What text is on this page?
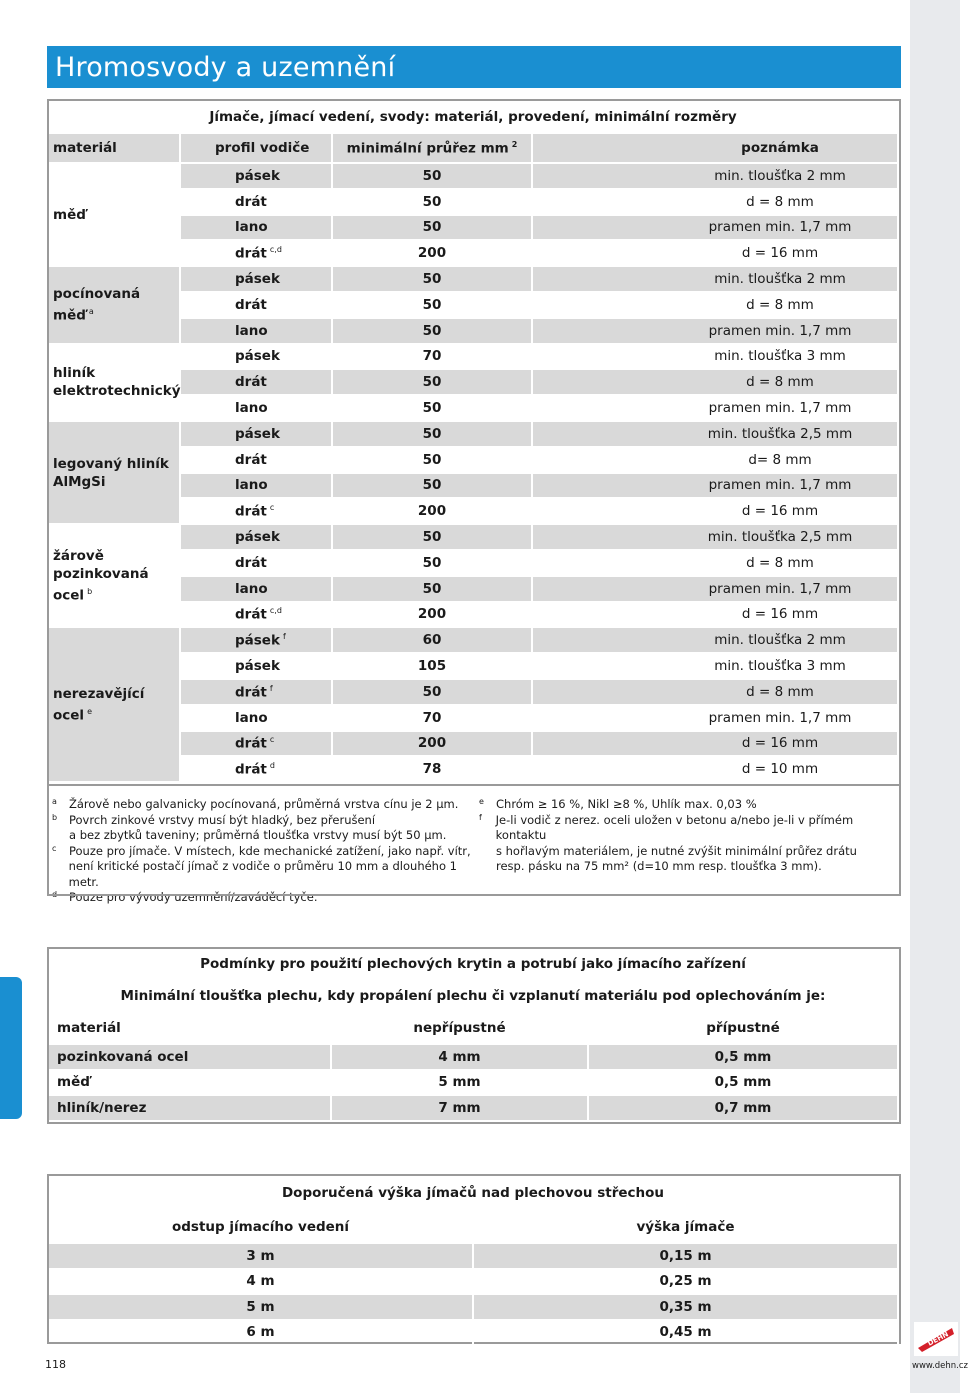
Hromosvody a uzemnění
Jímače, jímací vedení, svody: materiál, provedení, minimální rozměry			
materiál	profil vodiče	minimální průřez mm $^2$	poznámka
měď	pásek	50	min. tloušťka 2 mm
	drát	50	d = 8 mm
	lano	50	pramen min. 1,7 mm
	drát $^{c,d}$	200	d = 16 mm
pocínovaná měď $^a$	pásek	50	min. tloušťka 2 mm
	drát	50	d = 8 mm
	lano	50	pramen min. 1,7 mm
hliník elektrotechnický	pásek	70	min. tloušťka 3 mm
	drát	50	d = 8 mm
	lano	50	pramen min. 1,7 mm
legovaný hliník AlMgSi	pásek	50	min. tloušťka 2,5 mm
	drát	50	d= 8 mm
	lano	50	pramen min. 1,7 mm
	drát $^c$	200	d = 16 mm
žárově pozinkovaná ocel $^b$	pásek	50	min. tloušťka 2,5 mm
	drát	50	d = 8 mm
	lano	50	pramen min. 1,7 mm
	drát $^{c,d}$	200	d = 16 mm
nerezavějící ocel $^e$	pásek $^f$	60	min. tloušťka 2 mm
	pásek	105	min. tloušťka 3 mm
	drát $^f$	50	d = 8 mm
	lano	70	pramen min. 1,7 mm
	drát $^c$	200	d = 16 mm
	drát $^d$	78	d = 10 mm
a	Žárově nebo galvanicky pocínovaná, průměrná vrstva cínu je 2 μm.
b	Povrch zinkové vrstvy musí být hladký, bez přerušení
a bez zbytků taveniny; průměrná tloušťka vrstvy musí být 50 μm.
c	Pouze pro jímače. V místech, kde mechanické zatížení, jako např. vítr,
není kritické postačí jímač z vodiče o průměru 10 mm a dlouhého 1 metr.
d	Pouze pro vývody uzemnění/zaváděcí tyče.
e	Chróm ≥ 16 %, Nikl ≥8 %, Uhlík max. 0,03 %
f	Je-li vodič z nerez. oceli uložen v betonu a/nebo je-li v přímém kontaktu
s hořlavým materiálem, je nutné zvýšit minimální průřez drátu
resp. pásku na 75 mm² (d=10 mm resp. tloušťka 3 mm).
Podmínky pro použití plechových krytin a potrubí jako jímacího zařízení		
Minimální tloušťka plechu, kdy propálení plechu či vzplanutí materiálu pod oplechováním je:		
materiál	nepřípustné	přípustné
pozinkovaná ocel	4 mm	0,5 mm
měď	5 mm	0,5 mm
hliník/nerez	7 mm	0,7 mm
Doporučená výška jímačů nad plechovou střechou	
odstup jímacího vedení	výška jímače
3 m	0,15 m
4 m	0,25 m
5 m	0,35 m
6 m	0,45 m
118
DEHN
www.dehn.cz
